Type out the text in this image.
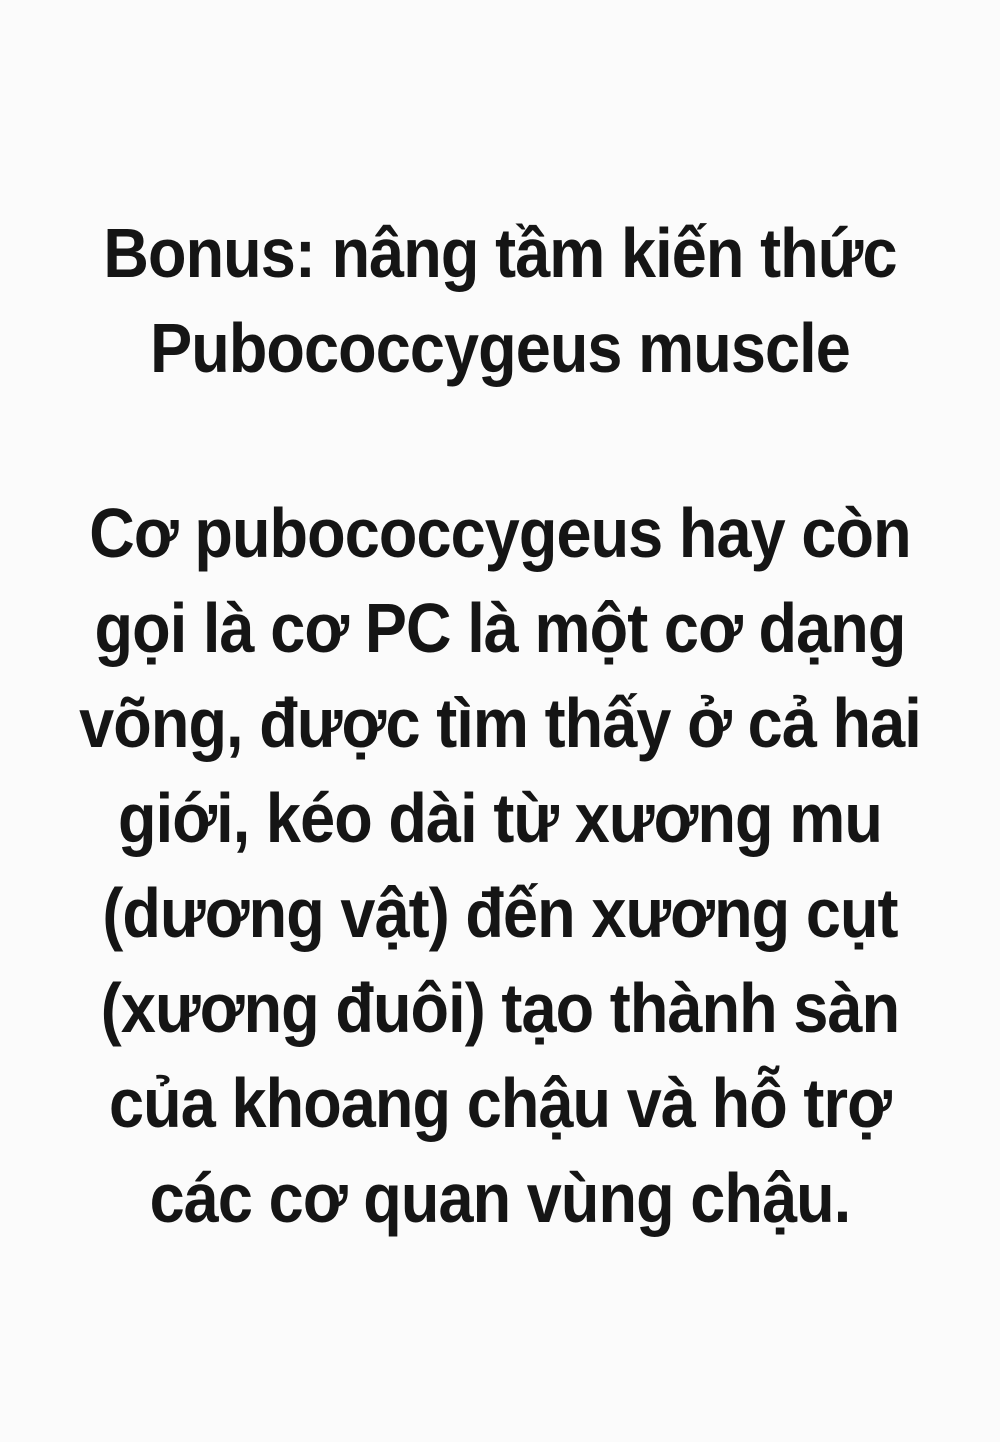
Bonus: nâng tầm kiến thức
Pubococcygeus muscle
Cơ pubococcygeus hay còn
gọi là cơ PC là một cơ dạng
võng, được tìm thấy ở cả hai
giới, kéo dài từ xương mu
(dương vật) đến xương cụt
(xương đuôi) tạo thành sàn
của khoang chậu và hỗ trợ
các cơ quan vùng chậu.
